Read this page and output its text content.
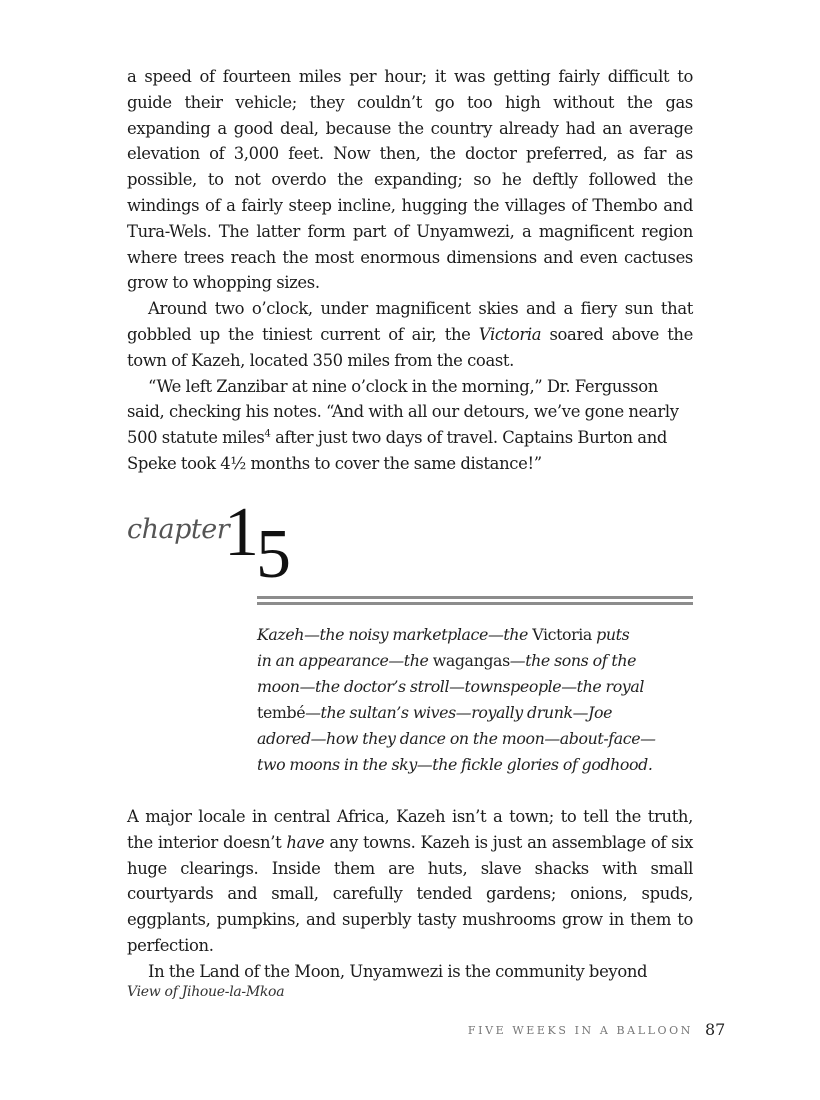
a speed of fourteen miles per hour; it was getting fairly difficult to guide their vehicle; they couldn’t go too high without the gas expanding a good deal, because the country already had an average elevation of 3,000 feet. Now then, the doctor preferred, as far as possible, to not overdo the expanding; so he deftly followed the windings of a fairly steep incline, hugging the villages of Thembo and Tura-Wels. The latter form part of Unyamwezi, a magnificent region where trees reach the most enormous dimensions and even cactuses grow to whopping sizes.

Around two o’clock, under magnificent skies and a fiery sun that gobbled up the tiniest current of air, the Victoria soared above the town of Kazeh, located 350 miles from the coast.

“We left Zanzibar at nine o’clock in the morning,” Dr. Fergusson said, checking his notes. “And with all our detours, we’ve gone nearly 500 statute miles$^4$ after just two days of travel. Captains Burton and Speke took 4½ months to cover the same distance!”

chapter
1
5
Kazeh—the noisy marketplace—the Victoria puts
in an appearance—the wagangas—the sons of the
moon—the doctor’s stroll—townspeople—the royal
tembé—the sultan’s wives—royally drunk—Joe
adored—how they dance on the moon—about-face—
two moons in the sky—the fickle glories of godhood.

A major locale in central Africa, Kazeh isn’t a town; to tell the truth, the interior doesn’t have any towns. Kazeh is just an assemblage of six huge clearings. Inside them are huts, slave shacks with small courtyards and small, carefully tended gardens; onions, spuds, eggplants, pumpkins, and superbly tasty mushrooms grow in them to perfection.

In the Land of the Moon, Unyamwezi is the community beyond

View of Jihoue-la-Mkoa
FIVE WEEKS IN A BALLOON 87
